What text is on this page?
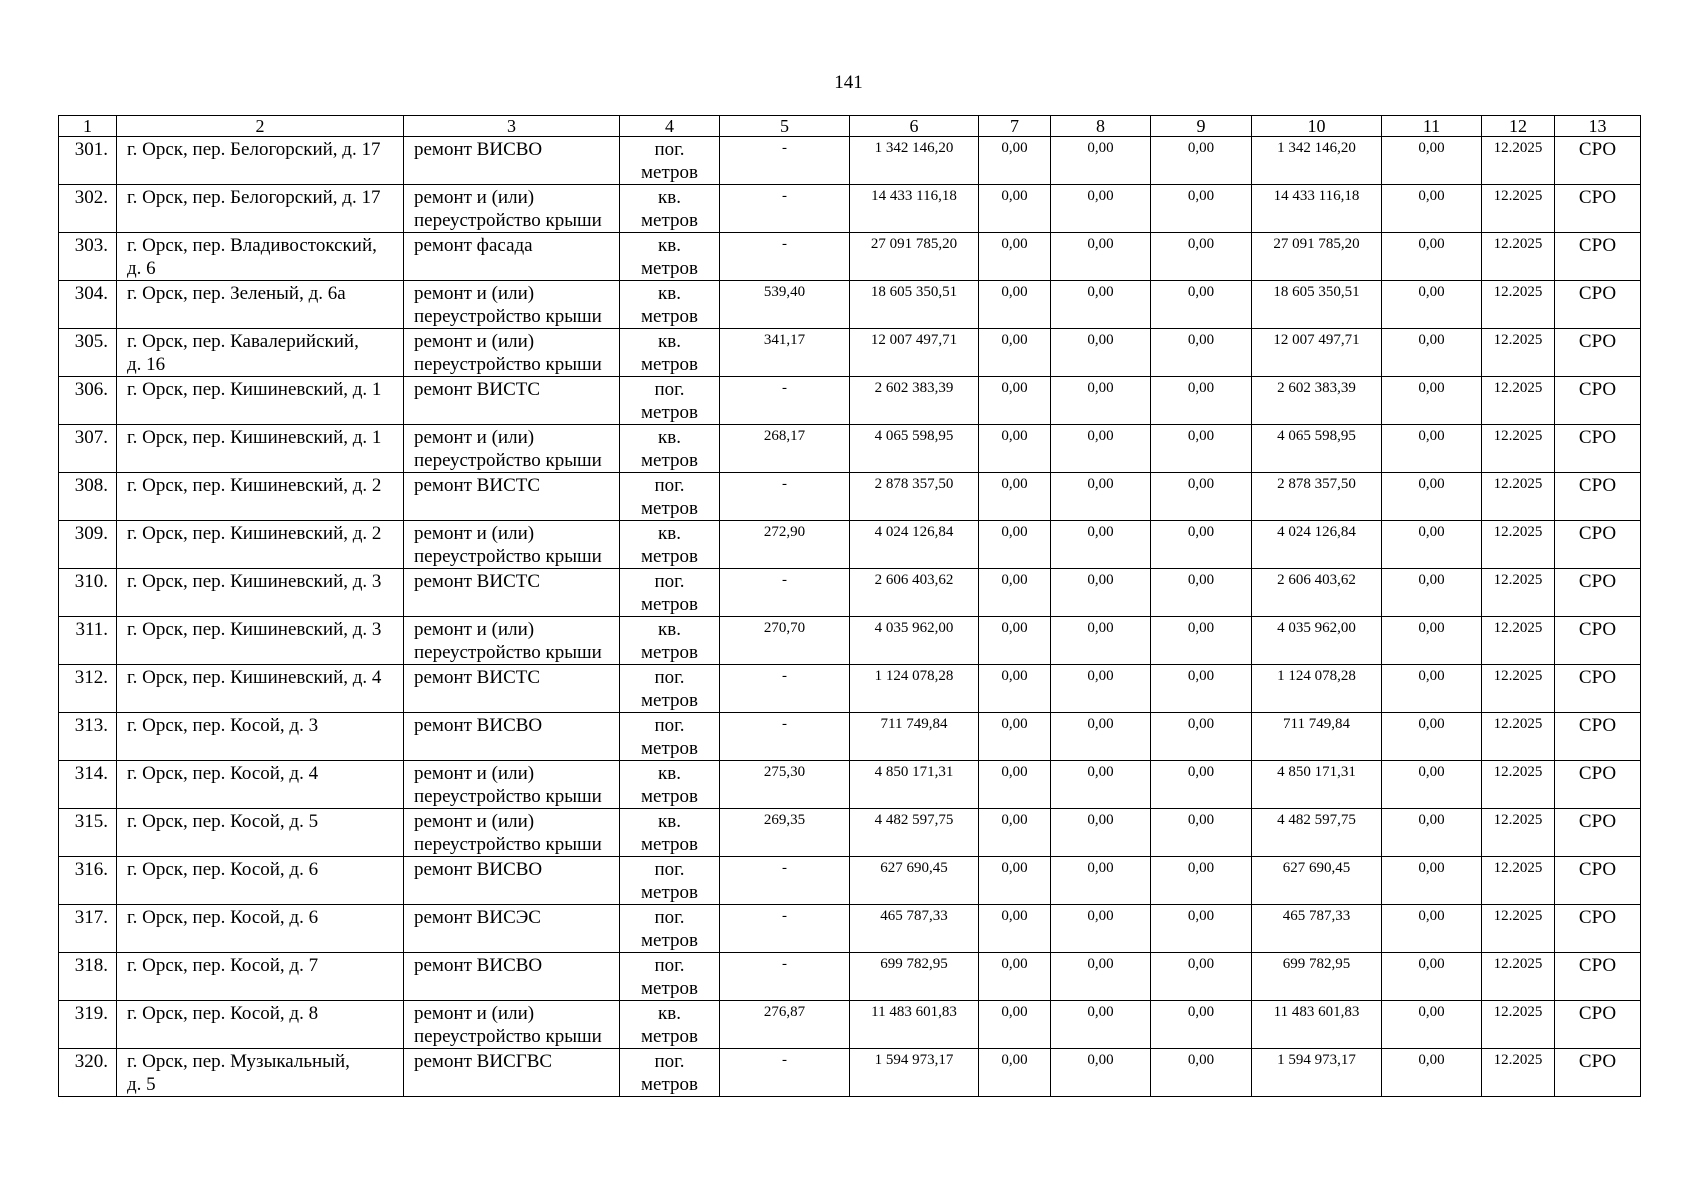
141
1	2	3	4	5	6	7	8	9	10	11	12	13
301.	г. Орск, пер. Белогорский, д. 17	ремонт ВИСВО	пог.
метров	-	1 342 146,20	0,00	0,00	0,00	1 342 146,20	0,00	12.2025	СРО
302.	г. Орск, пер. Белогорский, д. 17	ремонт и (или)
переустройство крыши	кв.
метров	-	14 433 116,18	0,00	0,00	0,00	14 433 116,18	0,00	12.2025	СРО
303.	г. Орск, пер. Владивостокский,
д. 6	ремонт фасада	кв.
метров	-	27 091 785,20	0,00	0,00	0,00	27 091 785,20	0,00	12.2025	СРО
304.	г. Орск, пер. Зеленый, д. 6а	ремонт и (или)
переустройство крыши	кв.
метров	539,40	18 605 350,51	0,00	0,00	0,00	18 605 350,51	0,00	12.2025	СРО
305.	г. Орск, пер. Кавалерийский,
д. 16	ремонт и (или)
переустройство крыши	кв.
метров	341,17	12 007 497,71	0,00	0,00	0,00	12 007 497,71	0,00	12.2025	СРО
306.	г. Орск, пер. Кишиневский, д. 1	ремонт ВИСТС	пог.
метров	-	2 602 383,39	0,00	0,00	0,00	2 602 383,39	0,00	12.2025	СРО
307.	г. Орск, пер. Кишиневский, д. 1	ремонт и (или)
переустройство крыши	кв.
метров	268,17	4 065 598,95	0,00	0,00	0,00	4 065 598,95	0,00	12.2025	СРО
308.	г. Орск, пер. Кишиневский, д. 2	ремонт ВИСТС	пог.
метров	-	2 878 357,50	0,00	0,00	0,00	2 878 357,50	0,00	12.2025	СРО
309.	г. Орск, пер. Кишиневский, д. 2	ремонт и (или)
переустройство крыши	кв.
метров	272,90	4 024 126,84	0,00	0,00	0,00	4 024 126,84	0,00	12.2025	СРО
310.	г. Орск, пер. Кишиневский, д. 3	ремонт ВИСТС	пог.
метров	-	2 606 403,62	0,00	0,00	0,00	2 606 403,62	0,00	12.2025	СРО
311.	г. Орск, пер. Кишиневский, д. 3	ремонт и (или)
переустройство крыши	кв.
метров	270,70	4 035 962,00	0,00	0,00	0,00	4 035 962,00	0,00	12.2025	СРО
312.	г. Орск, пер. Кишиневский, д. 4	ремонт ВИСТС	пог.
метров	-	1 124 078,28	0,00	0,00	0,00	1 124 078,28	0,00	12.2025	СРО
313.	г. Орск, пер. Косой, д. 3	ремонт ВИСВО	пог.
метров	-	711 749,84	0,00	0,00	0,00	711 749,84	0,00	12.2025	СРО
314.	г. Орск, пер. Косой, д. 4	ремонт и (или)
переустройство крыши	кв.
метров	275,30	4 850 171,31	0,00	0,00	0,00	4 850 171,31	0,00	12.2025	СРО
315.	г. Орск, пер. Косой, д. 5	ремонт и (или)
переустройство крыши	кв.
метров	269,35	4 482 597,75	0,00	0,00	0,00	4 482 597,75	0,00	12.2025	СРО
316.	г. Орск, пер. Косой, д. 6	ремонт ВИСВО	пог.
метров	-	627 690,45	0,00	0,00	0,00	627 690,45	0,00	12.2025	СРО
317.	г. Орск, пер. Косой, д. 6	ремонт ВИСЭС	пог.
метров	-	465 787,33	0,00	0,00	0,00	465 787,33	0,00	12.2025	СРО
318.	г. Орск, пер. Косой, д. 7	ремонт ВИСВО	пог.
метров	-	699 782,95	0,00	0,00	0,00	699 782,95	0,00	12.2025	СРО
319.	г. Орск, пер. Косой, д. 8	ремонт и (или)
переустройство крыши	кв.
метров	276,87	11 483 601,83	0,00	0,00	0,00	11 483 601,83	0,00	12.2025	СРО
320.	г. Орск, пер. Музыкальный,
д. 5	ремонт ВИСГВС	пог.
метров	-	1 594 973,17	0,00	0,00	0,00	1 594 973,17	0,00	12.2025	СРО
